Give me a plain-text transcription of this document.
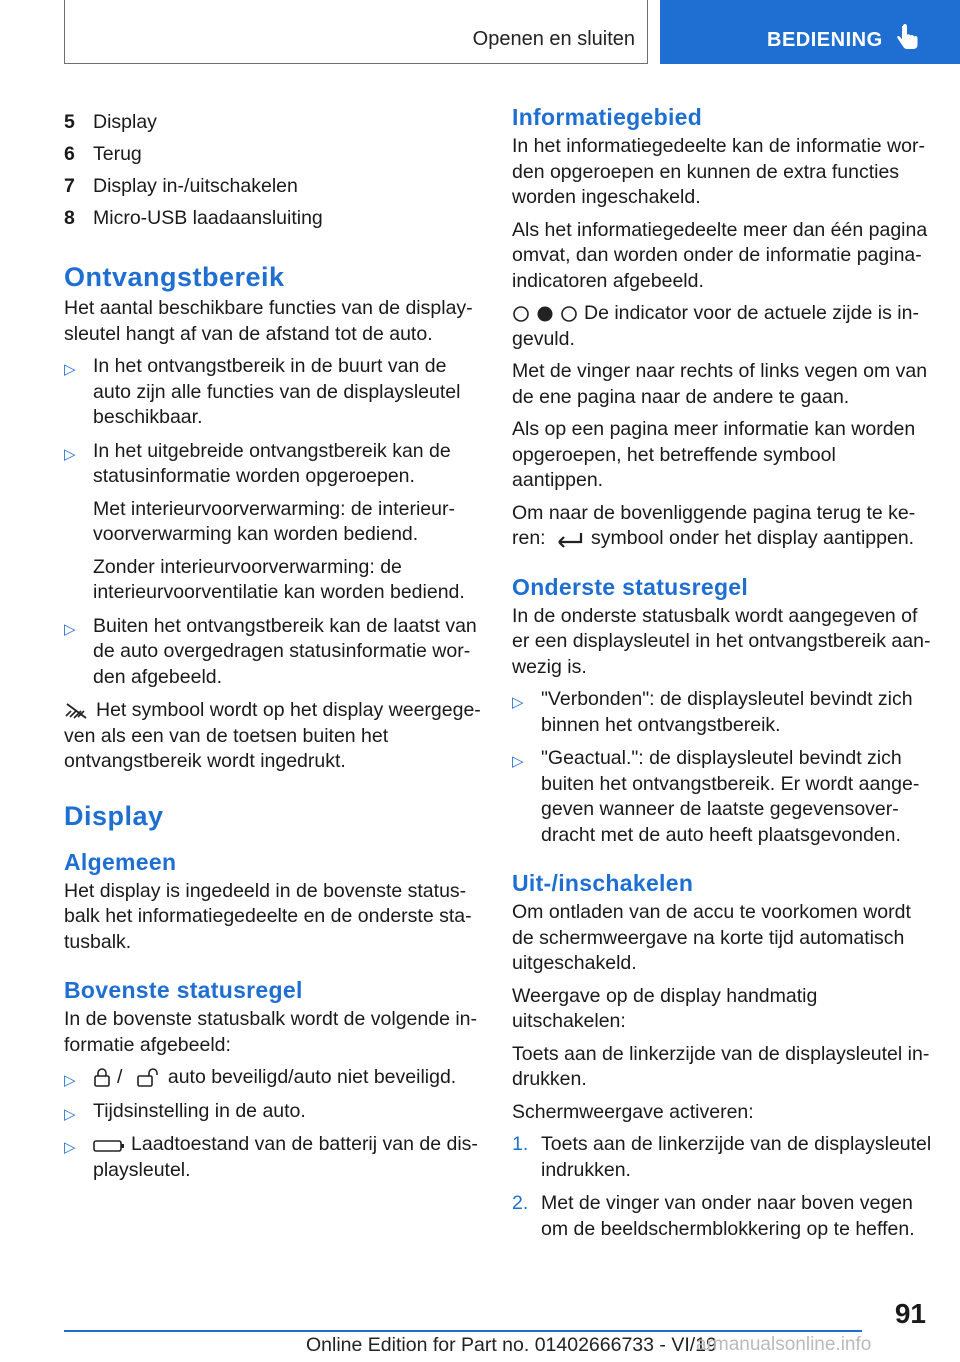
Openen en sluiten	BEDIENING
5 Display
6 Terug
7 Display in-/uitschakelen
8 Micro-USB laadaansluiting
Ontvangstbereik

Het aantal beschikbare functies van de displaysleutel hangt af van de afstand tot de auto.

▷ In het ontvangstbereik in de buurt van de auto zijn alle functies van de displaysleutel beschikbaar.
▷ In het uitgebreide ontvangstbereik kan de statusinformatie worden opgeroepen.
Met interieurvoorverwarming: de interieurvoorverwarming kan worden bediend.
Zonder interieurvoorverwarming: de interieurvoorventilatie kan worden bediend.
▷ Buiten het ontvangstbereik kan de laatst van de auto overgedragen statusinformatie worden afgebeeld.

Het symbool wordt op het display weergegeven als een van de toetsen buiten het ontvangstbereik wordt ingedrukt.

Display
Algemeen

Het display is ingedeeld in de bovenste statusbalk het informatiegedeelte en de onderste statusbalk.

Bovenste statusregel

In de bovenste statusbalk wordt de volgende informatie afgebeeld:

▷ / auto beveiligd/auto niet beveiligd.
▷ Tijdsinstelling in de auto.
▷	Laadtoestand van de batterij van de displaysleutel.
Informatiegebied

In het informatiegedeelte kan de informatie worden opgeroepen en kunnen de extra functies worden ingeschakeld.

Als het informatiegedeelte meer dan één pagina omvat, dan worden onder de informatie paginaindicatoren afgebeeld.

De indicator voor de actuele zijde is ingevuld.

Met de vinger naar rechts of links vegen om van de ene pagina naar de andere te gaan.

Als op een pagina meer informatie kan worden opgeroepen, het betreffende symbool aantippen.

Om naar de bovenliggende pagina terug te keren: symbool onder het display aantippen.

Onderste statusregel

In de onderste statusbalk wordt aangegeven of er een displaysleutel in het ontvangstbereik aanwezig is.

▷ "Verbonden": de displaysleutel bevindt zich binnen het ontvangstbereik.
▷ "Geactual.": de displaysleutel bevindt zich buiten het ontvangstbereik. Er wordt aangegeven wanneer de laatste gegevensoverdracht met de auto heeft plaatsgevonden.
Uit-/inschakelen

Om ontladen van de accu te voorkomen wordt de schermweergave na korte tijd automatisch uitgeschakeld.

Weergave op de display handmatig uitschakelen:

Toets aan de linkerzijde van de displaysleutel indrukken.

Schermweergave activeren:

1. Toets aan de linkerzijde van de displaysleutel indrukken.
2. Met de vinger van onder naar boven vegen om de beeldschermblokkering op te heffen.
91
Online Edition for Part no. 01402666733 - VI/19
armanualsonline.info
